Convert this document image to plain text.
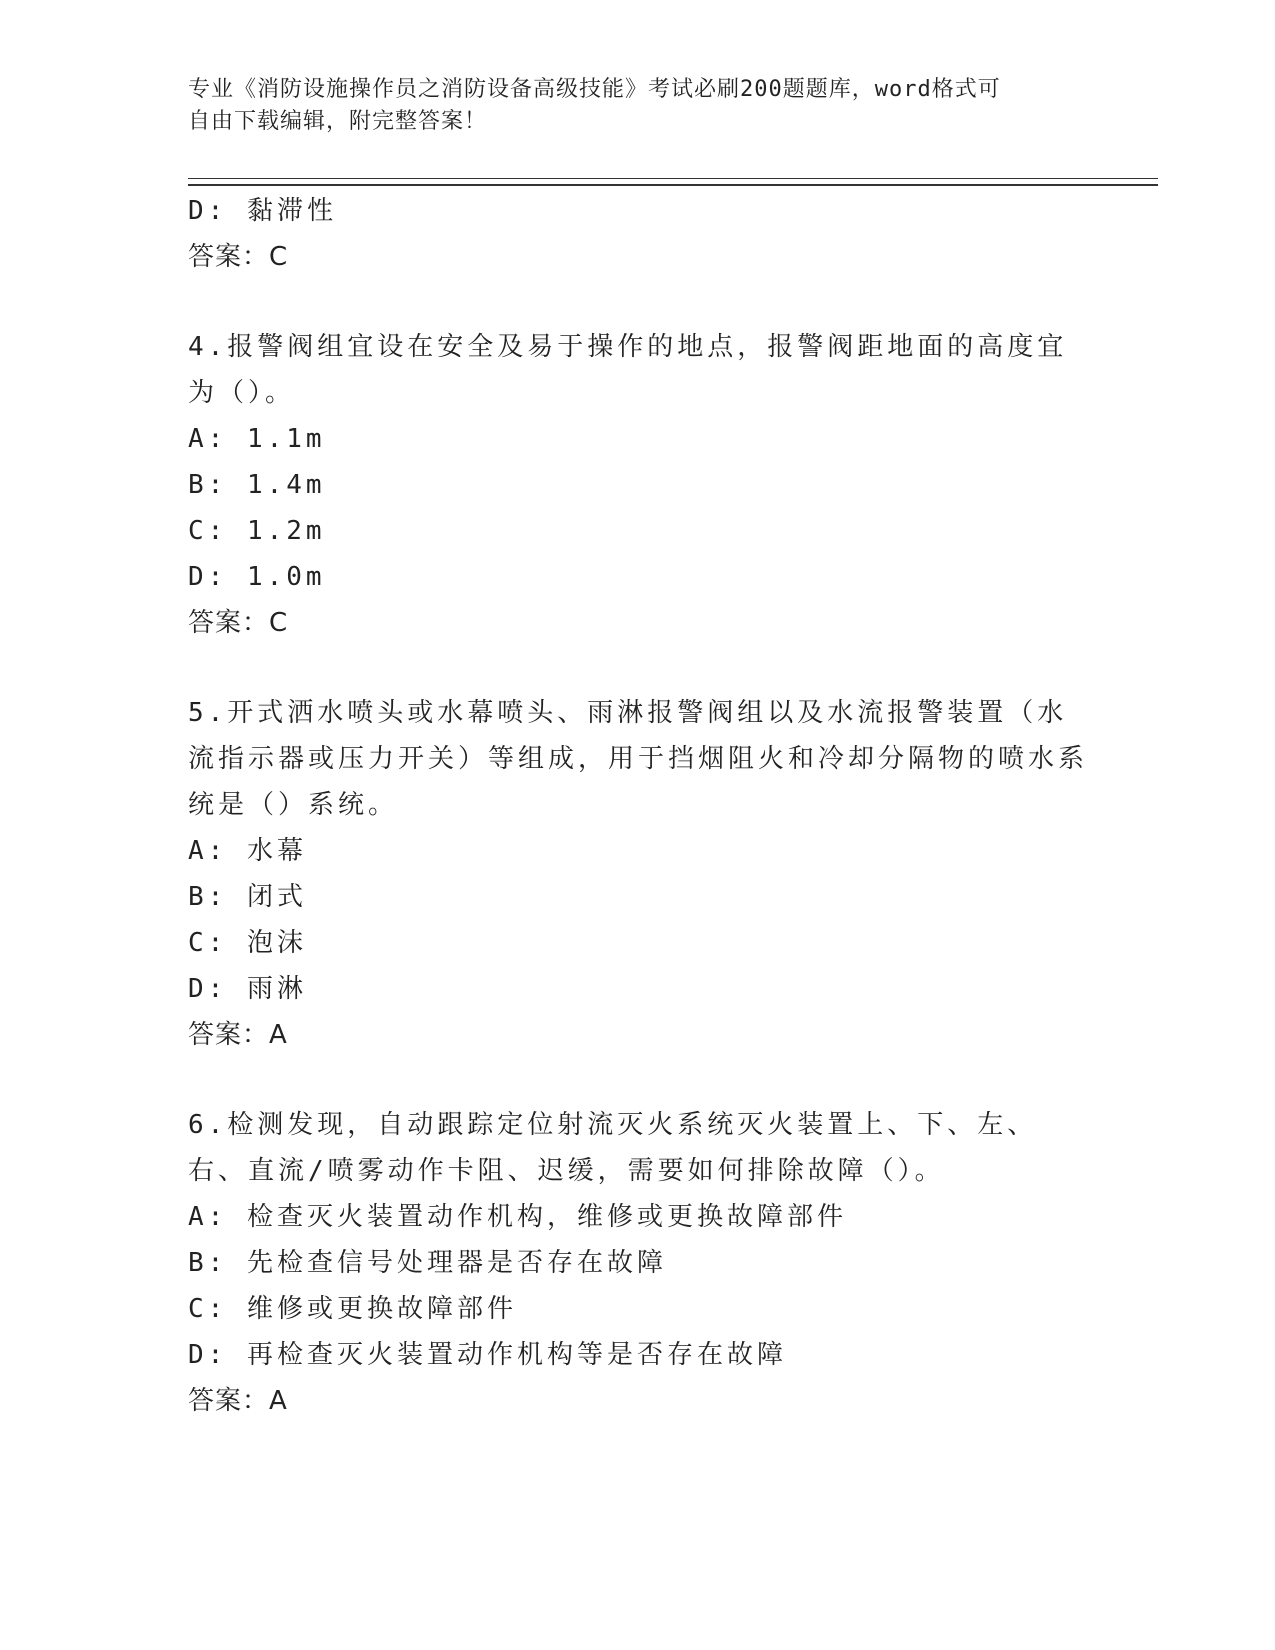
专业《消防设施操作员之消防设备高级技能》考试必刷200题题库，word格式可
自由下载编辑，附完整答案！
D: 黏滞性
答案：C
4.报警阀组宜设在安全及易于操作的地点，报警阀距地面的高度宜为（）。
A: 1.1m
B: 1.4m
C: 1.2m
D: 1.0m
答案：C
5.开式洒水喷头或水幕喷头、雨淋报警阀组以及水流报警装置（水流指示器或压力开关）等组成，用于挡烟阻火和冷却分隔物的喷水系统是（）系统。
A: 水幕
B: 闭式
C: 泡沫
D: 雨淋
答案：A
6.检测发现，自动跟踪定位射流灭火系统灭火装置上、下、左、右、直流/喷雾动作卡阻、迟缓，需要如何排除故障（）。
A: 检查灭火装置动作机构，维修或更换故障部件
B: 先检查信号处理器是否存在故障
C: 维修或更换故障部件
D: 再检查灭火装置动作机构等是否存在故障
答案：A
